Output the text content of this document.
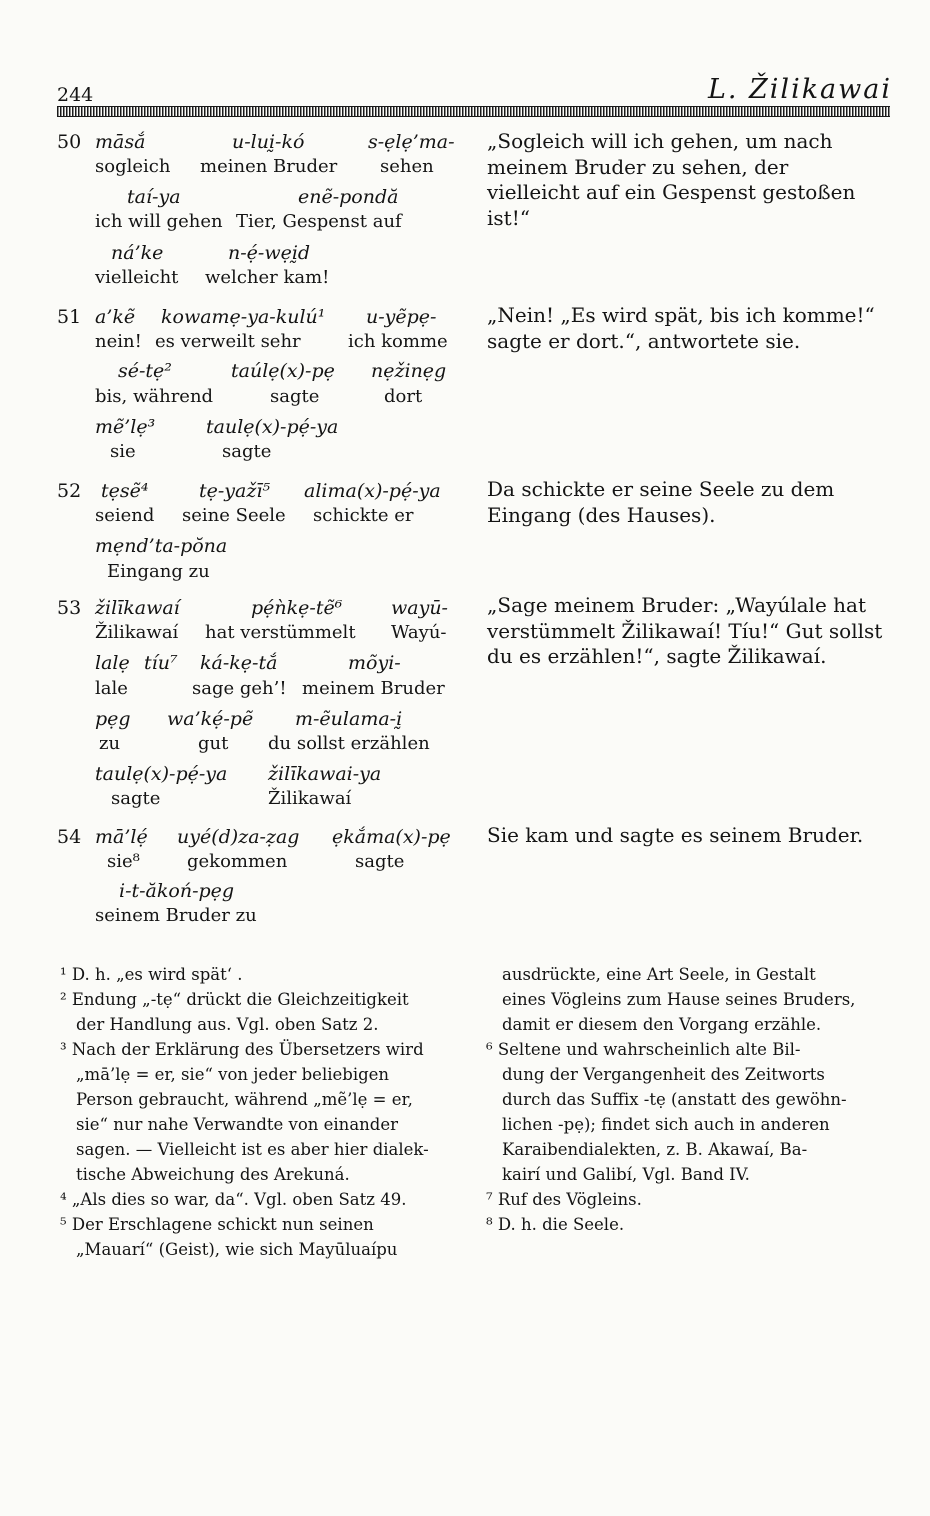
244	L. Žilikawai
50 māsắ
sogleich
u-luḭ-kó
meinen Bruder
s-ẹlẹ’ma-
sehen
taí-ya
ich will gehen
enẽ-pondă
Tier, Gespenst auf
ná’ke
vielleicht
n-ẹ́-wẹḭd
welcher kam!
„Sogleich will ich gehen, um nach meinem Bruder zu sehen, der vielleicht auf ein Gespenst gestoßen ist!“
51 a’kẽ
nein!
kowamẹ-ya-kulú¹
es verweilt sehr
u-yẽpẹ-
ich komme
sé-tẹ²
bis, während
taúlẹ(x)-pẹ
sagte
nẹžinẹg
dort
mẽ’lẹ³
sie
taulẹ(x)-pẹ́-ya
sagte
„Nein! „Es wird spät, bis ich komme!“ sagte er dort.“, antwortete sie.
52 tẹsẽ⁴
seiend
tẹ-yažī⁵
seine Seele
alima(x)-pẹ́-ya
schickte er
mẹnd’ta-pŏna
Eingang zu
Da schickte er seine Seele zu dem Eingang (des Hauses).
53 žilīkawaí
Žilikawaí
pẹ́ǹkẹ-tẽ⁶
hat verstümmelt
wayū-
Wayú-
lalẹ
lale
tíu⁷ ká-kẹ-tắ
sage geh’!
mõyi-
meinem Bruder
pẹg
zu
wa’kẹ́-pẽ
gut
m-ẽulama-ḭ
du sollst erzählen
taulẹ(x)-pẹ́-ya
sagte
žilīkawai-ya
Žilikawaí
„Sage meinem Bruder: „Wayúlale hat verstümmelt Žilikawaí! Tíu!“ Gut sollst du es erzählen!“, sagte Žilikawaí.
54 mā’lẹ́
sie⁸
uyé(d)za-ẓag
gekommen
ẹkắma(x)-pẹ
sagte
i-t-ăkoń-pẹg
seinem Bruder zu
Sie kam und sagte es seinem Bruder.
¹ D. h. „es wird spät‘ .
² Endung „-tẹ“ drückt die Gleichzeitigkeit
der Handlung aus. Vgl. oben Satz 2.
³ Nach der Erklärung des Übersetzers wird
„mā’lẹ = er, sie“ von jeder beliebigen
Person gebraucht, während „mẽ’lẹ = er,
sie“ nur nahe Verwandte von einander
sagen. — Vielleicht ist es aber hier dialek-
tische Abweichung des Arekuná.
⁴ „Als dies so war, da“. Vgl. oben Satz 49.
⁵ Der Erschlagene schickt nun seinen
„Mauarí“ (Geist), wie sich Mayūluaípu
ausdrückte, eine Art Seele, in Gestalt
eines Vögleins zum Hause seines Bruders,
damit er diesem den Vorgang erzähle.
⁶ Seltene und wahrscheinlich alte Bil-
dung der Vergangenheit des Zeitworts
durch das Suffix -tẹ (anstatt des gewöhn-
lichen -pẹ); findet sich auch in anderen
Karaibendialekten, z. B. Akawaí, Ba-
kairí und Galibí, Vgl. Band IV.
⁷ Ruf des Vögleins.
⁸ D. h. die Seele.
